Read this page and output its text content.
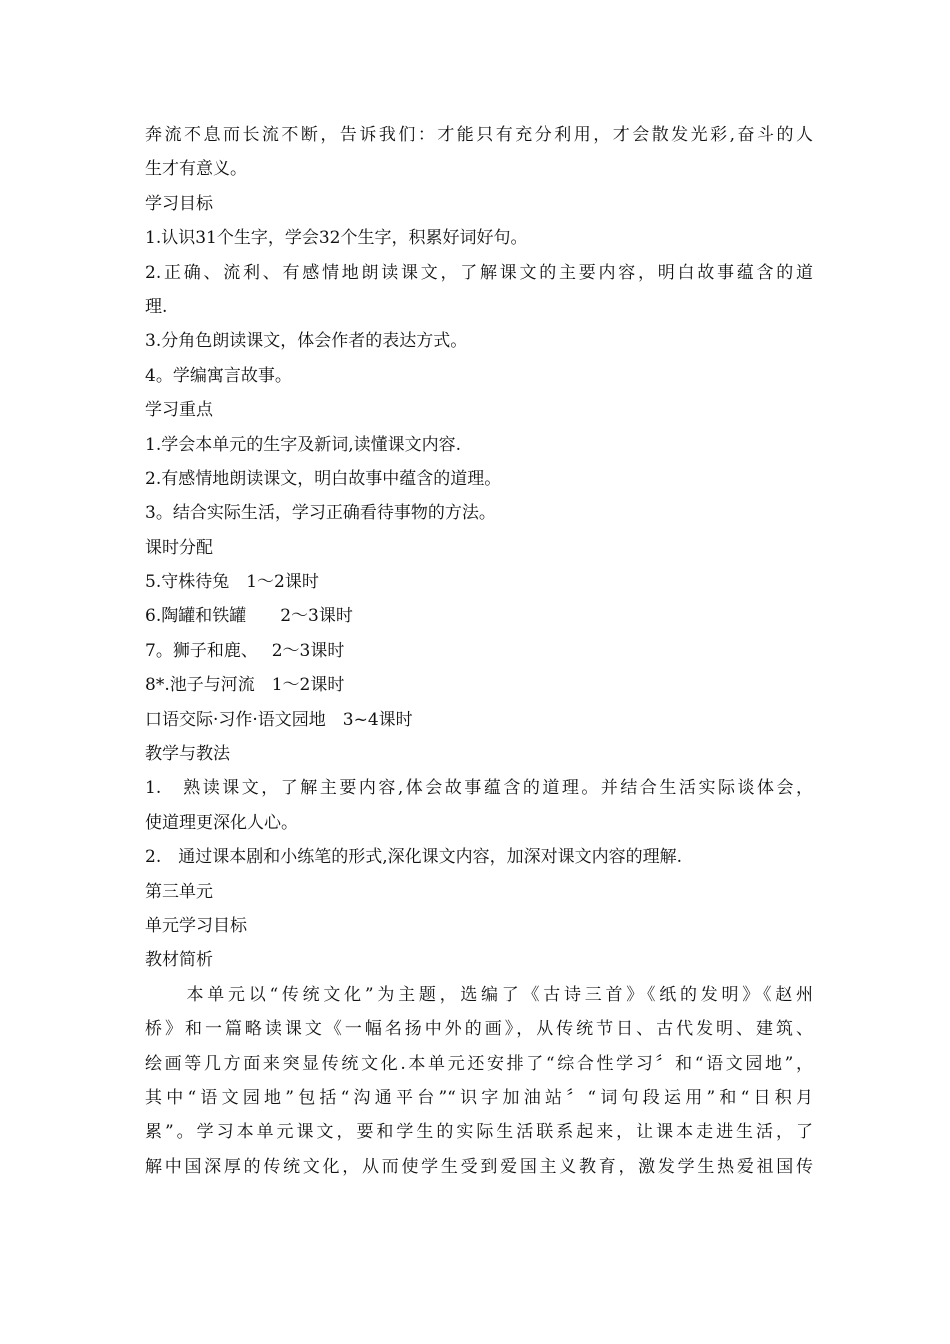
奔流不息而长流不断，告诉我们：才能只有充分利用，才会散发光彩,奋斗的人
生才有意义。
学习目标
1.认识31个生字，学会32个生字，积累好词好句。
2.正确、流利、有感情地朗读课文，了解课文的主要内容，明白故事蕴含的道
理.
3.分角色朗读课文，体会作者的表达方式。
4。学编寓言故事。
学习重点
1.学会本单元的生字及新词,读懂课文内容.
2.有感情地朗读课文，明白故事中蕴含的道理。
3。结合实际生活，学习正确看待事物的方法。
课时分配
5.守株待兔　1～2课时
6.陶罐和铁罐　　2～3课时
7。狮子和鹿、　 2～3课时
8*.池子与河流　1～2课时
口语交际·习作·语文园地　3~4课时
教学与教法
1.　熟读课文，了解主要内容,体会故事蕴含的道理。并结合生活实际谈体会，
使道理更深化人心。
2.　通过课本剧和小练笔的形式,深化课文内容，加深对课文内容的理解.
第三单元
单元学习目标
教材简析
　　本单元以“传统文化”为主题，选编了《古诗三首》《纸的发明》《赵州
桥》和一篇略读课文《一幅名扬中外的画》，从传统节日、古代发明、建筑、
绘画等几方面来突显传统文化.本单元还安排了“综合性学习〞和“语文园地”，
其中“语文园地”包括“沟通平台”“识字加油站〞“词句段运用”和“日积月
累”。学习本单元课文，要和学生的实际生活联系起来，让课本走进生活，了
解中国深厚的传统文化，从而使学生受到爱国主义教育，激发学生热爱祖国传
